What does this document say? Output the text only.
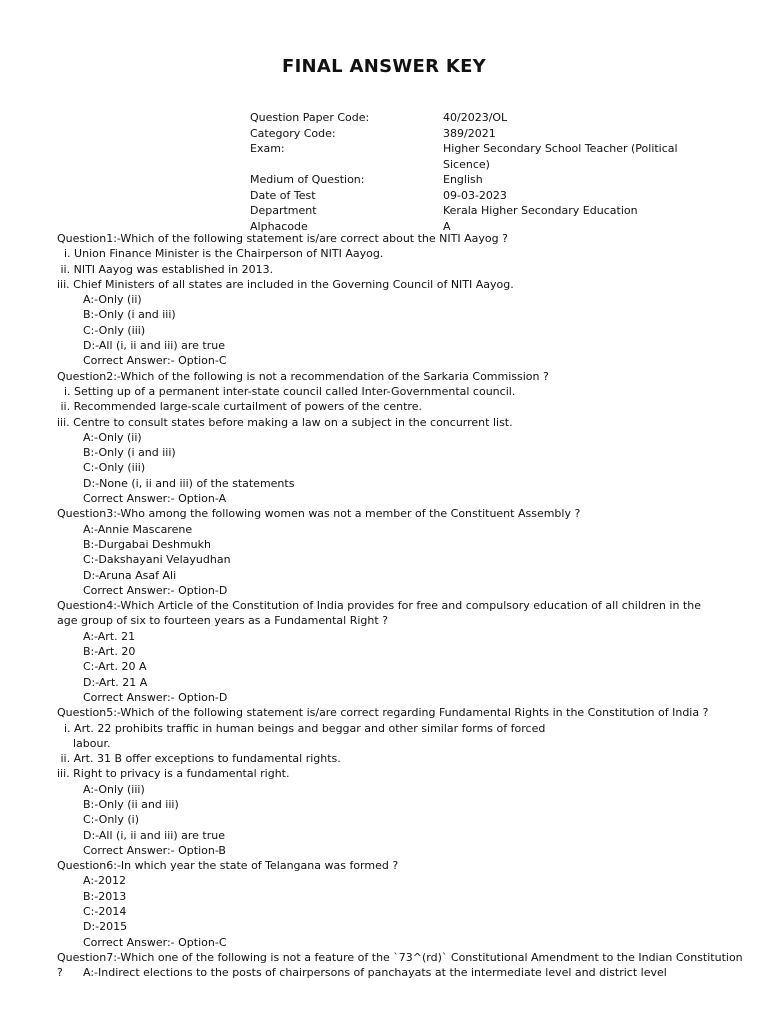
FINAL ANSWER KEY
Question Paper Code:	40/2023/OL
Category Code:	389/2021
Exam:	Higher Secondary School Teacher (Political Sicence)
Medium of Question:	English
Date of Test	09-03-2023
Department	Kerala Higher Secondary Education
Alphacode	A
Question1:-Which of the following statement is/are correct about the NITI Aayog ?
i. Union Finance Minister is the Chairperson of NITI Aayog.
ii. NITI Aayog was established in 2013.
iii. Chief Ministers of all states are included in the Governing Council of NITI Aayog.
A:-Only (ii)
B:-Only (i and iii)
C:-Only (iii)
D:-All (i, ii and iii) are true
Correct Answer:- Option-C
Question2:-Which of the following is not a recommendation of the Sarkaria Commission ?
i. Setting up of a permanent inter-state council called Inter-Governmental council.
ii. Recommended large-scale curtailment of powers of the centre.
iii. Centre to consult states before making a law on a subject in the concurrent list.
A:-Only (ii)
B:-Only (i and iii)
C:-Only (iii)
D:-None (i, ii and iii) of the statements
Correct Answer:- Option-A
Question3:-Who among the following women was not a member of the Constituent Assembly ?
A:-Annie Mascarene
B:-Durgabai Deshmukh
C:-Dakshayani Velayudhan
D:-Aruna Asaf Ali
Correct Answer:- Option-D
Question4:-Which Article of the Constitution of India provides for free and compulsory education of all children in the age group of six to fourteen years as a Fundamental Right ?
A:-Art. 21
B:-Art. 20
C:-Art. 20 A
D:-Art. 21 A
Correct Answer:- Option-D
Question5:-Which of the following statement is/are correct regarding Fundamental Rights in the Constitution of India ?
i. Art. 22 prohibits traffic in human beings and beggar and other similar forms of forced
labour.
ii. Art. 31 B offer exceptions to fundamental rights.
iii. Right to privacy is a fundamental right.
A:-Only (iii)
B:-Only (ii and iii)
C:-Only (i)
D:-All (i, ii and iii) are true
Correct Answer:- Option-B
Question6:-In which year the state of Telangana was formed ?
A:-2012
B:-2013
C:-2014
D:-2015
Correct Answer:- Option-C
Question7:-Which one of the following is not a feature of the `73^(rd)` Constitutional Amendment to the Indian Constitution
?	A:-Indirect elections to the posts of chairpersons of panchayats at the intermediate level and district level
